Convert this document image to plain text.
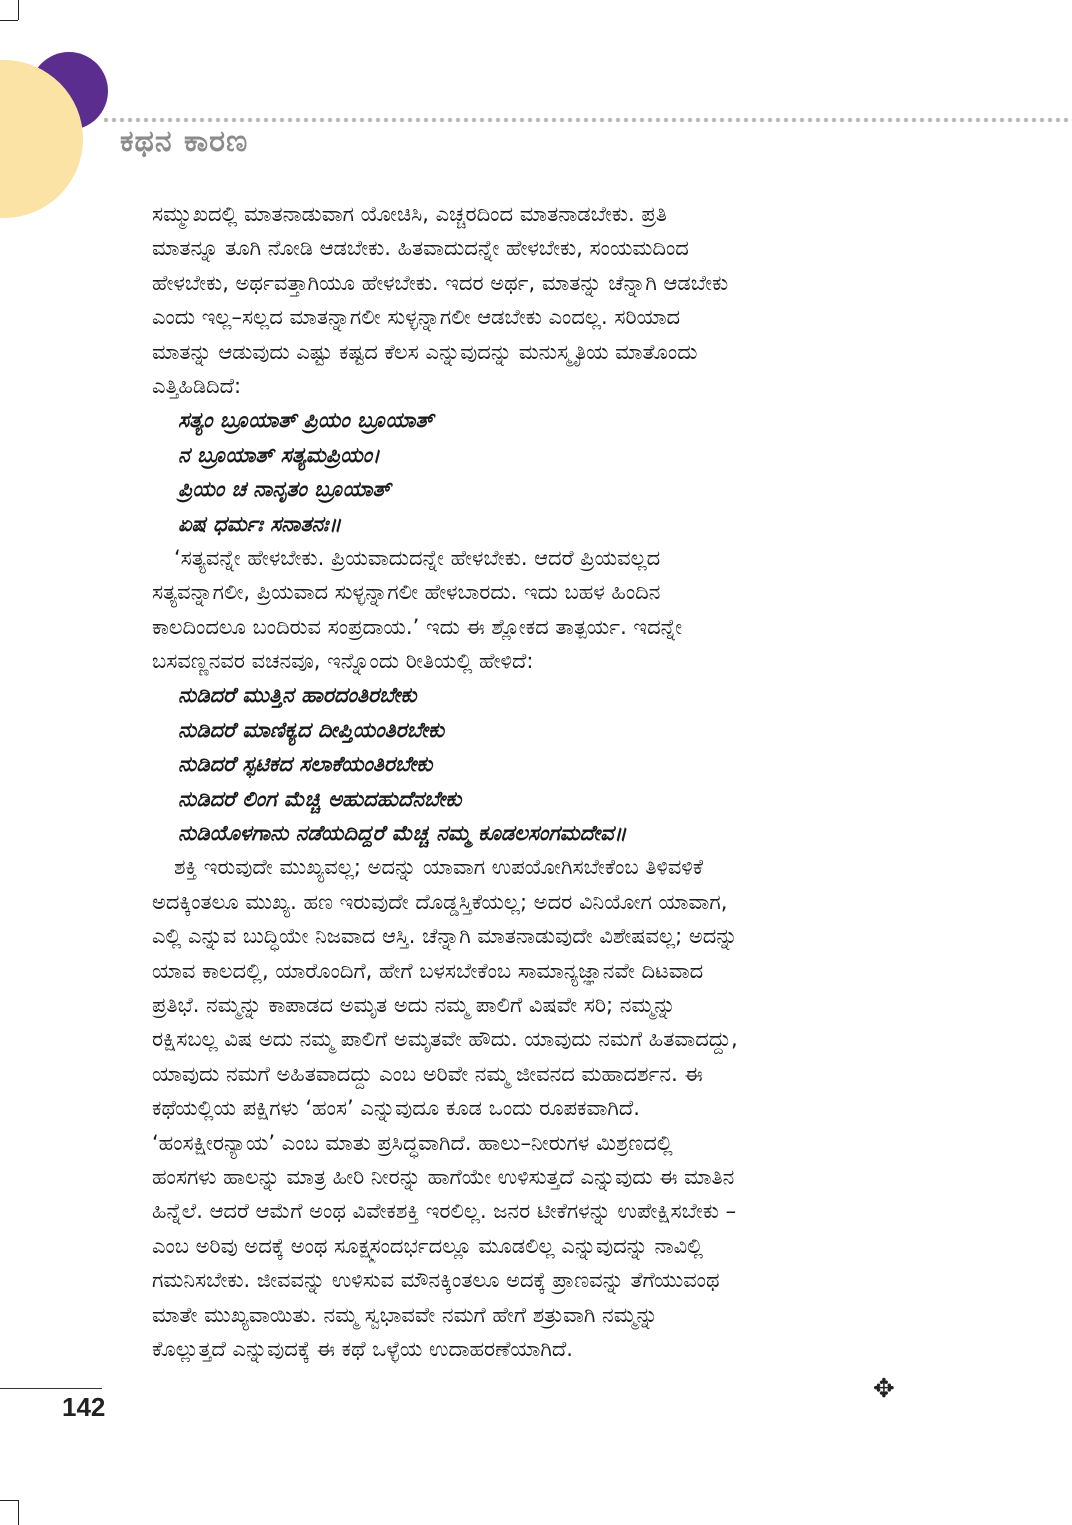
ಕಥನ ಕಾರಣ
ಸಮ್ಮುಖದಲ್ಲಿ ಮಾತನಾಡುವಾಗ ಯೋಚಿಸಿ, ಎಚ್ಚರದಿಂದ ಮಾತನಾಡಬೇಕು. ಪ್ರತಿ
ಮಾತನ್ನೂ ತೂಗಿ ನೋಡಿ ಆಡಬೇಕು. ಹಿತವಾದುದನ್ನೇ ಹೇಳಬೇಕು, ಸಂಯಮದಿಂದ
ಹೇಳಬೇಕು, ಅರ್ಥವತ್ತಾಗಿಯೂ ಹೇಳಬೇಕು. ಇದರ ಅರ್ಥ, ಮಾತನ್ನು ಚೆನ್ನಾಗಿ ಆಡಬೇಕು
ಎಂದು ಇಲ್ಲ–ಸಲ್ಲದ ಮಾತನ್ನಾಗಲೀ ಸುಳ್ಳನ್ನಾಗಲೀ ಆಡಬೇಕು ಎಂದಲ್ಲ. ಸರಿಯಾದ
ಮಾತನ್ನು ಆಡುವುದು ಎಷ್ಟು ಕಷ್ಟದ ಕೆಲಸ ಎನ್ನುವುದನ್ನು ಮನುಸ್ಮೃತಿಯ ಮಾತೊಂದು
ಎತ್ತಿಹಿಡಿದಿದೆ:
ಸತ್ಯಂ ಬ್ರೂಯಾತ್ ಪ್ರಿಯಂ ಬ್ರೂಯಾತ್
ನ ಬ್ರೂಯಾತ್ ಸತ್ಯಮಪ್ರಿಯಂ।
ಪ್ರಿಯಂ ಚ ನಾನೃತಂ ಬ್ರೂಯಾತ್
ಏಷ ಧರ್ಮಃ ಸನಾತನಃ॥
‘ಸತ್ಯವನ್ನೇ ಹೇಳಬೇಕು. ಪ್ರಿಯವಾದುದನ್ನೇ ಹೇಳಬೇಕು. ಆದರೆ ಪ್ರಿಯವಲ್ಲದ
ಸತ್ಯವನ್ನಾಗಲೀ, ಪ್ರಿಯವಾದ ಸುಳ್ಳನ್ನಾಗಲೀ ಹೇಳಬಾರದು. ಇದು ಬಹಳ ಹಿಂದಿನ
ಕಾಲದಿಂದಲೂ ಬಂದಿರುವ ಸಂಪ್ರದಾಯ.’ ಇದು ಈ ಶ್ಲೋಕದ ತಾತ್ಪರ್ಯ. ಇದನ್ನೇ
ಬಸವಣ್ಣನವರ ವಚನವೂ, ಇನ್ನೊಂದು ರೀತಿಯಲ್ಲಿ ಹೇಳಿದೆ:
ನುಡಿದರೆ ಮುತ್ತಿನ ಹಾರದಂತಿರಬೇಕು
ನುಡಿದರೆ ಮಾಣಿಕ್ಯದ ದೀಪ್ತಿಯಂತಿರಬೇಕು
ನುಡಿದರೆ ಸ್ಫಟಿಕದ ಸಲಾಕೆಯಂತಿರಬೇಕು
ನುಡಿದರೆ ಲಿಂಗ ಮೆಚ್ಚಿ ಅಹುದಹುದೆನಬೇಕು
ನುಡಿಯೊಳಗಾನು ನಡೆಯದಿದ್ದರೆ ಮೆಚ್ಚ ನಮ್ಮ ಕೂಡಲಸಂಗಮದೇವ॥
ಶಕ್ತಿ ಇರುವುದೇ ಮುಖ್ಯವಲ್ಲ; ಅದನ್ನು ಯಾವಾಗ ಉಪಯೋಗಿಸಬೇಕೆಂಬ ತಿಳಿವಳಿಕೆ
ಅದಕ್ಕಿಂತಲೂ ಮುಖ್ಯ. ಹಣ ಇರುವುದೇ ದೊಡ್ಡಸ್ತಿಕೆಯಲ್ಲ; ಅದರ ವಿನಿಯೋಗ ಯಾವಾಗ,
ಎಲ್ಲಿ ಎನ್ನುವ ಬುದ್ಧಿಯೇ ನಿಜವಾದ ಆಸ್ತಿ. ಚೆನ್ನಾಗಿ ಮಾತನಾಡುವುದೇ ವಿಶೇಷವಲ್ಲ; ಅದನ್ನು
ಯಾವ ಕಾಲದಲ್ಲಿ, ಯಾರೊಂದಿಗೆ, ಹೇಗೆ ಬಳಸಬೇಕೆಂಬ ಸಾಮಾನ್ಯಜ್ಞಾನವೇ ದಿಟವಾದ
ಪ್ರತಿಭೆ. ನಮ್ಮನ್ನು ಕಾಪಾಡದ ಅಮೃತ ಅದು ನಮ್ಮ ಪಾಲಿಗೆ ವಿಷವೇ ಸರಿ; ನಮ್ಮನ್ನು
ರಕ್ಷಿಸಬಲ್ಲ ವಿಷ ಅದು ನಮ್ಮ ಪಾಲಿಗೆ ಅಮೃತವೇ ಹೌದು. ಯಾವುದು ನಮಗೆ ಹಿತವಾದದ್ದು,
ಯಾವುದು ನಮಗೆ ಅಹಿತವಾದದ್ದು ಎಂಬ ಅರಿವೇ ನಮ್ಮ ಜೀವನದ ಮಹಾದರ್ಶನ. ಈ
ಕಥೆಯಲ್ಲಿಯ ಪಕ್ಷಿಗಳು ‘ಹಂಸ’ ಎನ್ನುವುದೂ ಕೂಡ ಒಂದು ರೂಪಕವಾಗಿದೆ.
‘ಹಂಸಕ್ಷೀರನ್ಯಾಯ’ ಎಂಬ ಮಾತು ಪ್ರಸಿದ್ಧವಾಗಿದೆ. ಹಾಲು–ನೀರುಗಳ ಮಿಶ್ರಣದಲ್ಲಿ
ಹಂಸಗಳು ಹಾಲನ್ನು ಮಾತ್ರ ಹೀರಿ ನೀರನ್ನು ಹಾಗೆಯೇ ಉಳಿಸುತ್ತದೆ ಎನ್ನುವುದು ಈ ಮಾತಿನ
ಹಿನ್ನೆಲೆ. ಆದರೆ ಆಮೆಗೆ ಅಂಥ ವಿವೇಕಶಕ್ತಿ ಇರಲಿಲ್ಲ. ಜನರ ಟೀಕೆಗಳನ್ನು ಉಪೇಕ್ಷಿಸಬೇಕು –
ಎಂಬ ಅರಿವು ಅದಕ್ಕೆ ಅಂಥ ಸೂಕ್ಷ್ಮಸಂದರ್ಭದಲ್ಲೂ ಮೂಡಲಿಲ್ಲ ಎನ್ನುವುದನ್ನು ನಾವಿಲ್ಲಿ
ಗಮನಿಸಬೇಕು. ಜೀವವನ್ನು ಉಳಿಸುವ ಮೌನಕ್ಕಿಂತಲೂ ಅದಕ್ಕೆ ಪ್ರಾಣವನ್ನು ತೆಗೆಯುವಂಥ
ಮಾತೇ ಮುಖ್ಯವಾಯಿತು. ನಮ್ಮ ಸ್ವಭಾವವೇ ನಮಗೆ ಹೇಗೆ ಶತ್ರುವಾಗಿ ನಮ್ಮನ್ನು
ಕೊಲ್ಲುತ್ತದೆ ಎನ್ನುವುದಕ್ಕೆ ಈ ಕಥೆ ಒಳ್ಳೆಯ ಉದಾಹರಣೆಯಾಗಿದೆ.
142
✥
